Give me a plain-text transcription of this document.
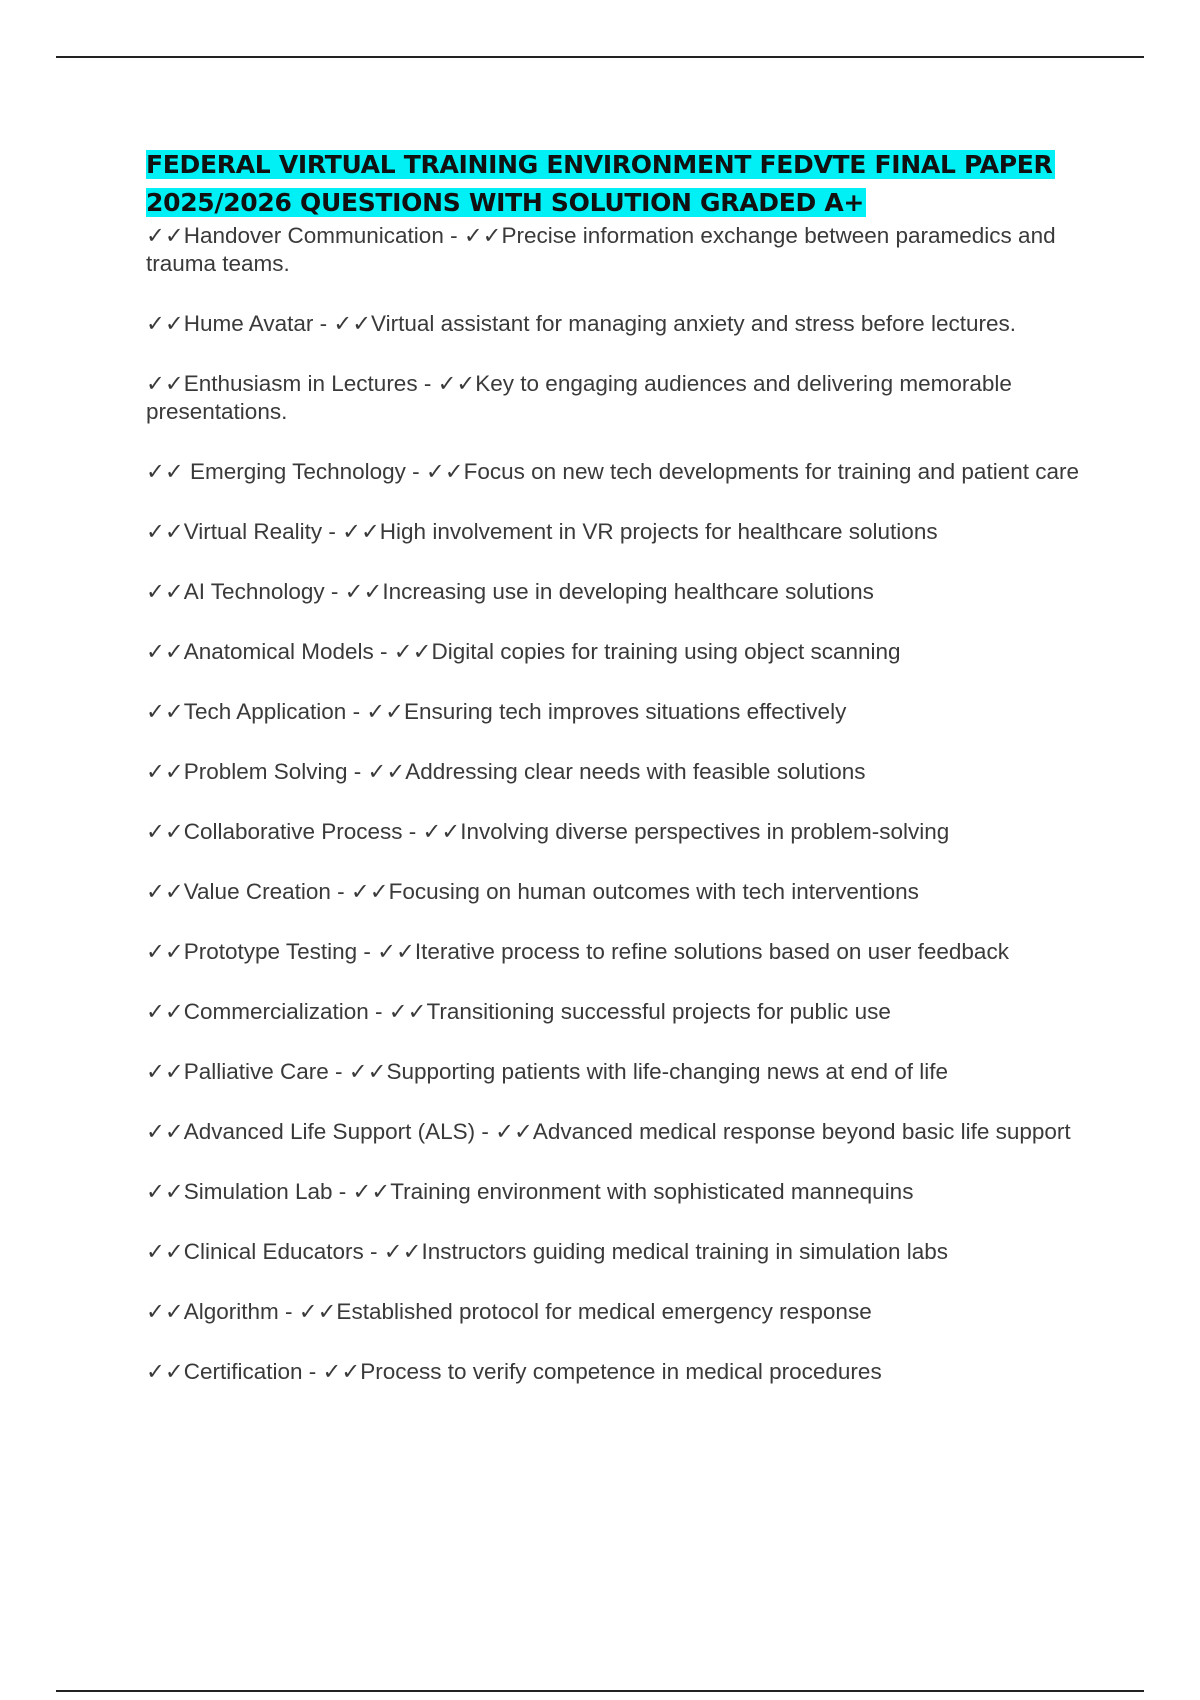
FEDERAL VIRTUAL TRAINING ENVIRONMENT FEDVTE FINAL PAPER 2025/2026 QUESTIONS WITH SOLUTION GRADED A+
✓✓Handover Communication - ✓✓Precise information exchange between paramedics and trauma teams.
✓✓Hume Avatar - ✓✓Virtual assistant for managing anxiety and stress before lectures.
✓✓Enthusiasm in Lectures - ✓✓Key to engaging audiences and delivering memorable presentations.
✓✓ Emerging Technology - ✓✓Focus on new tech developments for training and patient care
✓✓Virtual Reality - ✓✓High involvement in VR projects for healthcare solutions
✓✓AI Technology - ✓✓Increasing use in developing healthcare solutions
✓✓Anatomical Models - ✓✓Digital copies for training using object scanning
✓✓Tech Application - ✓✓Ensuring tech improves situations effectively
✓✓Problem Solving - ✓✓Addressing clear needs with feasible solutions
✓✓Collaborative Process - ✓✓Involving diverse perspectives in problem-solving
✓✓Value Creation - ✓✓Focusing on human outcomes with tech interventions
✓✓Prototype Testing - ✓✓Iterative process to refine solutions based on user feedback
✓✓Commercialization - ✓✓Transitioning successful projects for public use
✓✓Palliative Care - ✓✓Supporting patients with life-changing news at end of life
✓✓Advanced Life Support (ALS) - ✓✓Advanced medical response beyond basic life support
✓✓Simulation Lab - ✓✓Training environment with sophisticated mannequins
✓✓Clinical Educators - ✓✓Instructors guiding medical training in simulation labs
✓✓Algorithm - ✓✓Established protocol for medical emergency response
✓✓Certification - ✓✓Process to verify competence in medical procedures
